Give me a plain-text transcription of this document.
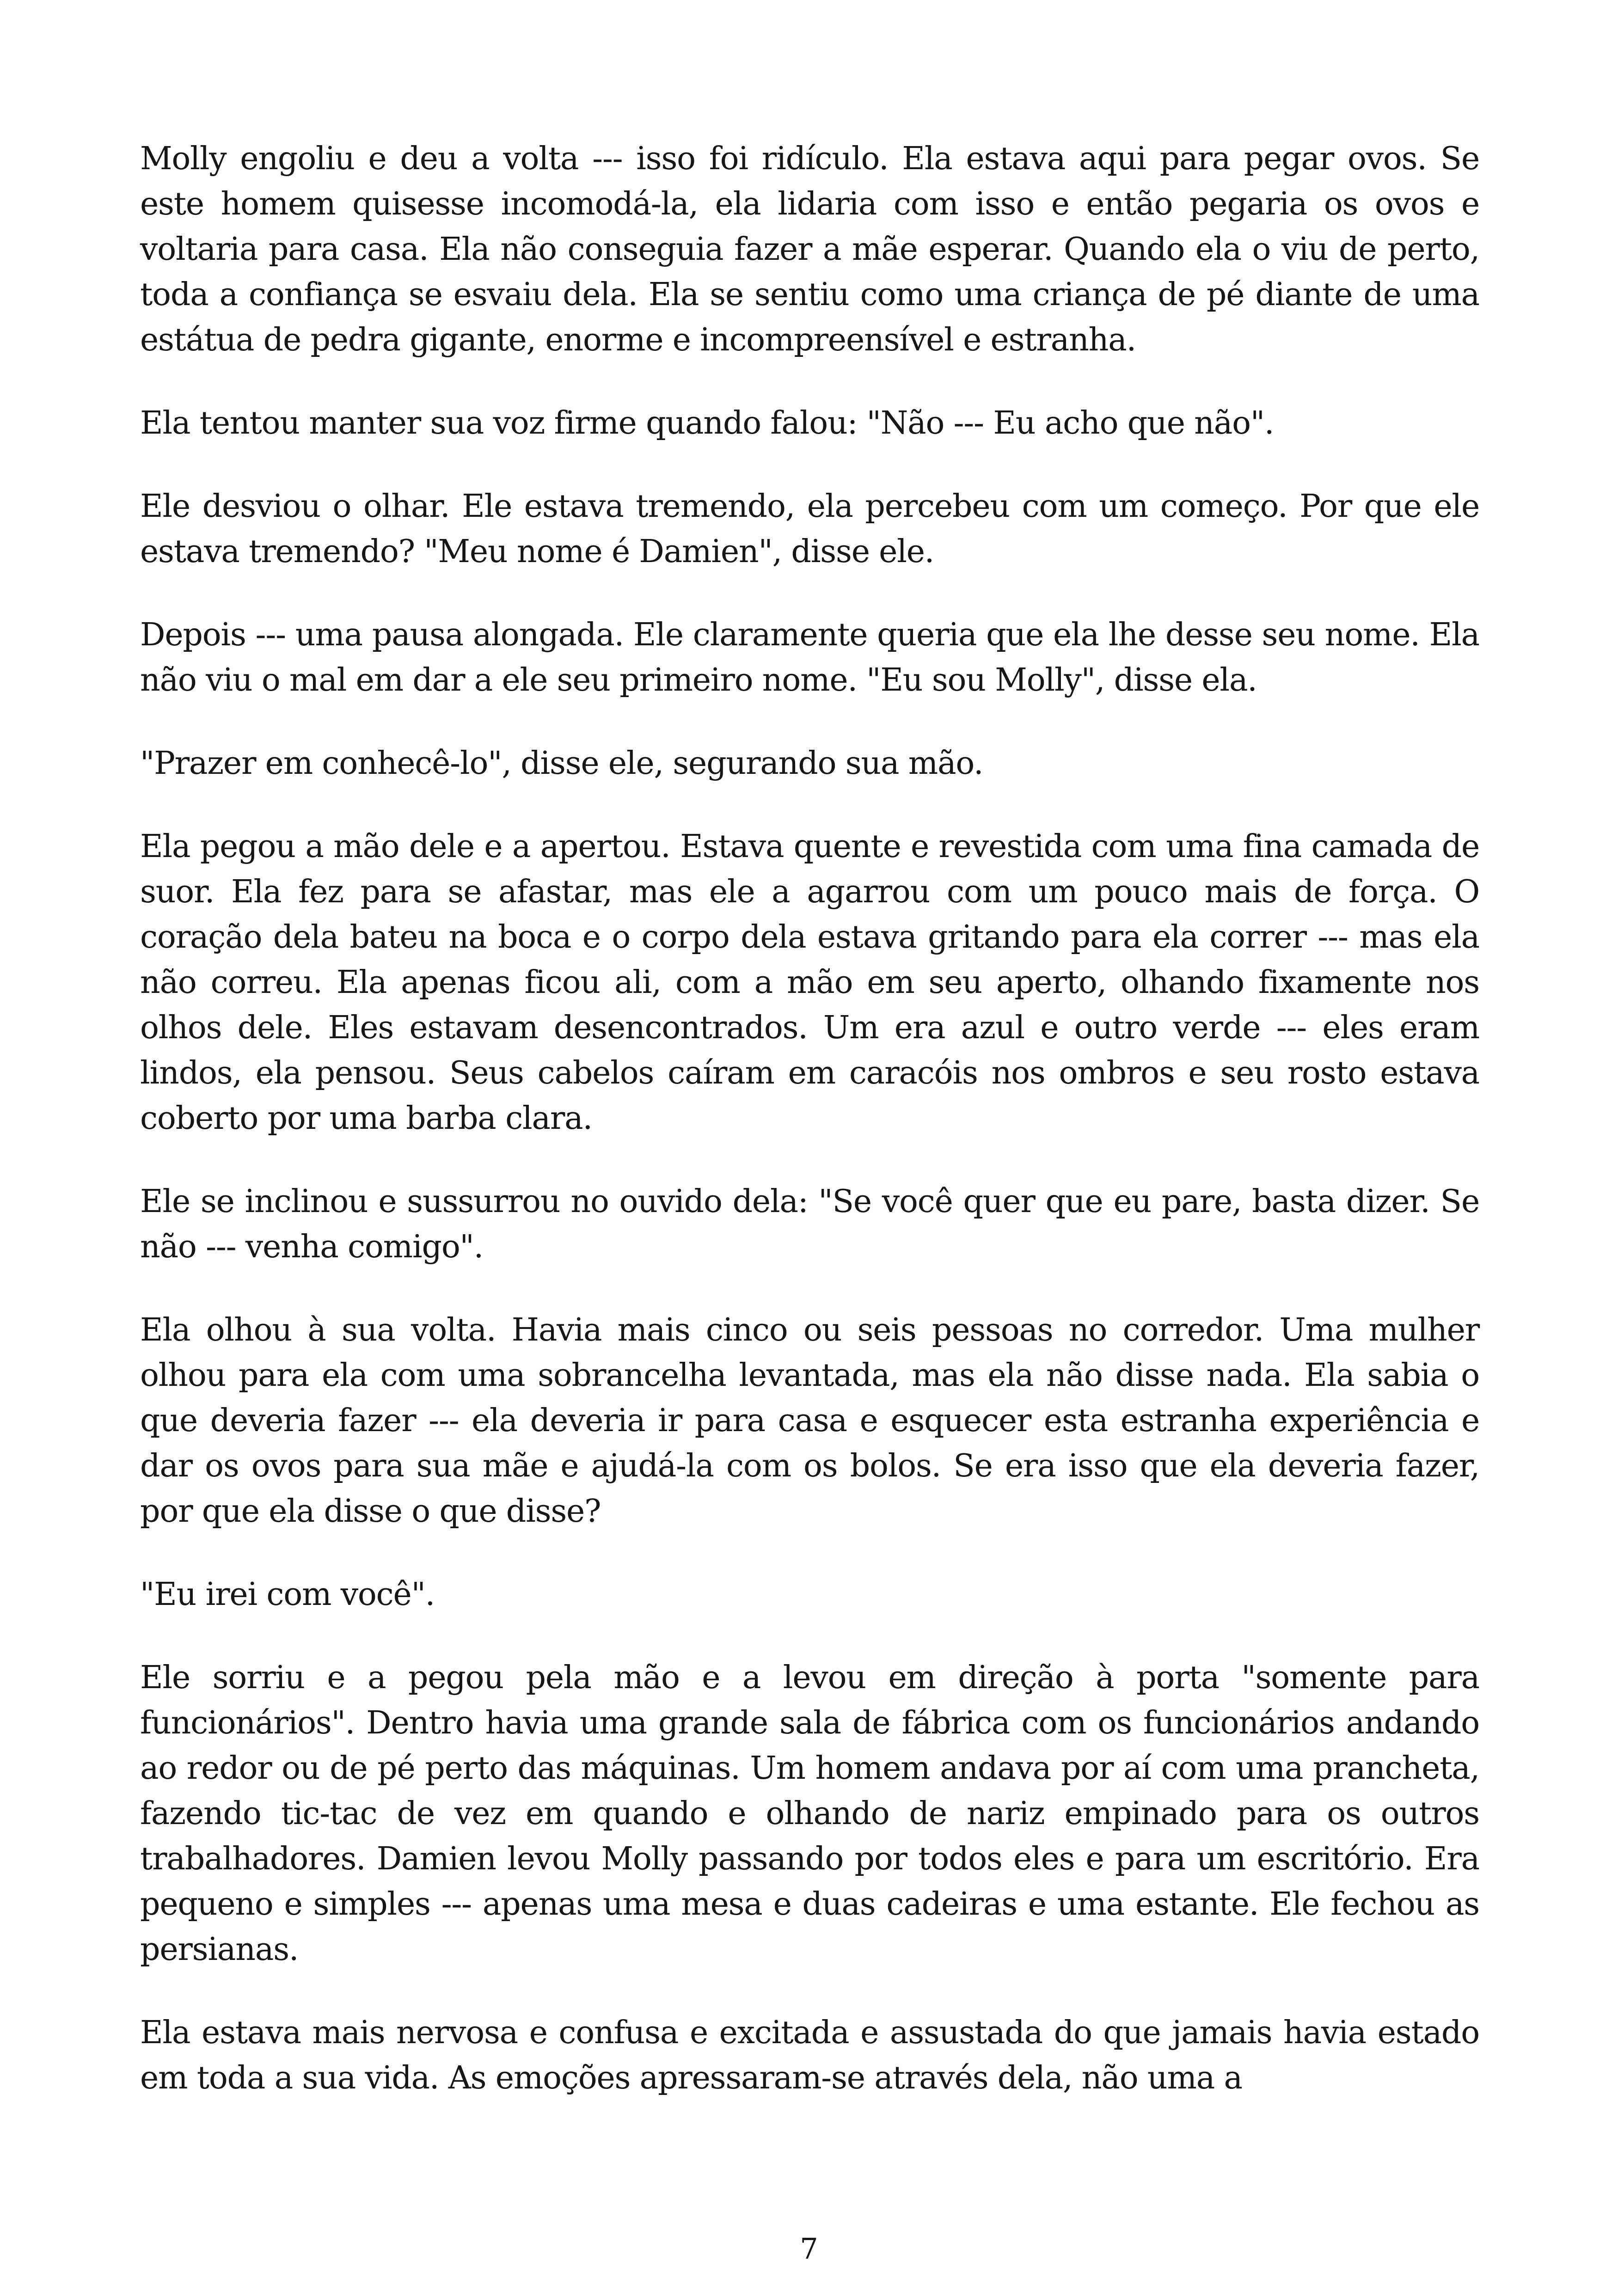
Molly engoliu e deu a volta --- isso foi ridículo. Ela estava aqui para pegar ovos. Se este homem quisesse incomodá-la, ela lidaria com isso e então pegaria os ovos e voltaria para casa. Ela não conseguia fazer a mãe esperar. Quando ela o viu de perto, toda a confiança se esvaiu dela. Ela se sentiu como uma criança de pé diante de uma estátua de pedra gigante, enorme e incompreensível e estranha.

Ela tentou manter sua voz firme quando falou: "Não --- Eu acho que não".

Ele desviou o olhar. Ele estava tremendo, ela percebeu com um começo. Por que ele estava tremendo? "Meu nome é Damien", disse ele.

Depois --- uma pausa alongada. Ele claramente queria que ela lhe desse seu nome. Ela não viu o mal em dar a ele seu primeiro nome. "Eu sou Molly", disse ela.

"Prazer em conhecê-lo", disse ele, segurando sua mão.

Ela pegou a mão dele e a apertou. Estava quente e revestida com uma fina camada de suor. Ela fez para se afastar, mas ele a agarrou com um pouco mais de força. O coração dela bateu na boca e o corpo dela estava gritando para ela correr --- mas ela não correu. Ela apenas ficou ali, com a mão em seu aperto, olhando fixamente nos olhos dele. Eles estavam desencontrados. Um era azul e outro verde --- eles eram lindos, ela pensou. Seus cabelos caíram em caracóis nos ombros e seu rosto estava coberto por uma barba clara.

Ele se inclinou e sussurrou no ouvido dela: "Se você quer que eu pare, basta dizer. Se não --- venha comigo".

Ela olhou à sua volta. Havia mais cinco ou seis pessoas no corredor. Uma mulher olhou para ela com uma sobrancelha levantada, mas ela não disse nada. Ela sabia o que deveria fazer --- ela deveria ir para casa e esquecer esta estranha experiência e dar os ovos para sua mãe e ajudá-la com os bolos. Se era isso que ela deveria fazer, por que ela disse o que disse?

"Eu irei com você".

Ele sorriu e a pegou pela mão e a levou em direção à porta "somente para funcionários". Dentro havia uma grande sala de fábrica com os funcionários andando ao redor ou de pé perto das máquinas. Um homem andava por aí com uma prancheta, fazendo tic-tac de vez em quando e olhando de nariz empinado para os outros trabalhadores. Damien levou Molly passando por todos eles e para um escritório. Era pequeno e simples --- apenas uma mesa e duas cadeiras e uma estante. Ele fechou as persianas.

Ela estava mais nervosa e confusa e excitada e assustada do que jamais havia estado em toda a sua vida. As emoções apressaram-se através dela, não uma a

7
